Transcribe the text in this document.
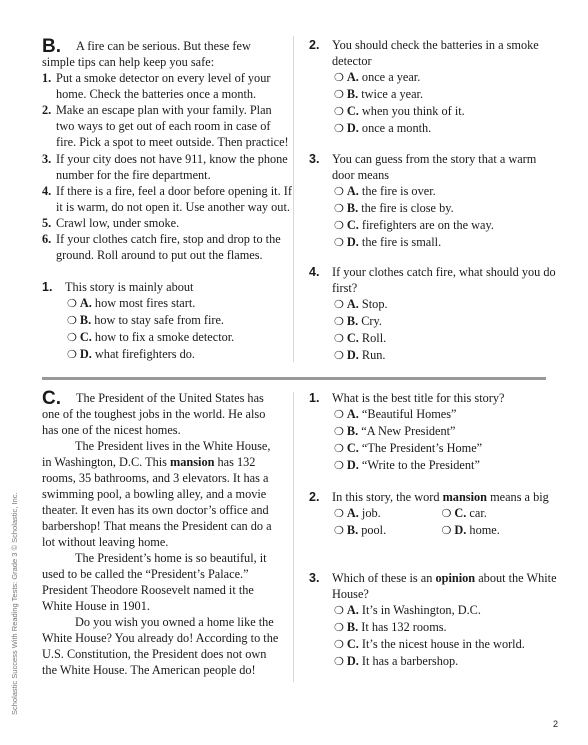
B. A fire can be serious. But these few
simple tips can help keep you safe:
1. Put a smoke detector on every level of your home. Check the batteries once a month.
2. Make an escape plan with your family. Plan two ways to get out of each room in case of fire. Pick a spot to meet outside. Then practice!
3. If your city does not have 911, know the phone number for the fire department.
4. If there is a fire, feel a door before opening it. If it is warm, do not open it. Use another way out.
5. Crawl low, under smoke.
6. If your clothes catch fire, stop and drop to the ground. Roll around to put out the flames.
1.	This story is mainly about
❍ A. how most fires start.
❍ B. how to stay safe from fire.
❍ C. how to fix a smoke detector.
❍ D. what firefighters do.
2.	You should check the batteries in a smoke detector
❍ A. once a year.
❍ B. twice a year.
❍ C. when you think of it.
❍ D. once a month.
3.	You can guess from the story that a warm door means
❍ A. the fire is over.
❍ B. the fire is close by.
❍ C. firefighters are on the way.
❍ D. the fire is small.
4.	If your clothes catch fire, what should you do first?
❍ A. Stop.
❍ B. Cry.
❍ C. Roll.
❍ D. Run.
C. The President of the United States has
one of the toughest jobs in the world. He also has one of the nicest homes.
The President lives in the White House, in Washington, D.C. This mansion has 132 rooms, 35 bathrooms, and 3 elevators. It has a swimming pool, a bowling alley, and a movie theater. It even has its own doctor’s office and barbershop! That means the President can do a lot without leaving home.
The President’s home is so beautiful, it used to be called the “President’s Palace.” President Theodore Roosevelt named it the White House in 1901.
Do you wish you owned a home like the White House? You already do! According to the U.S. Constitution, the President does not own the White House. The American people do!
1.	What is the best title for this story?
❍ A. “Beautiful Homes”
❍ B. “A New President”
❍ C. “The President’s Home”
❍ D. “Write to the President”
2.	In this story, the word mansion means a big
❍ A. job.	❍ C. car.
❍ B. pool.	❍ D. home.
3.	Which of these is an opinion about the White House?
❍ A. It’s in Washington, D.C.
❍ B. It has 132 rooms.
❍ C. It’s the nicest house in the world.
❍ D. It has a barbershop.
Scholastic Success With Reading Tests: Grade 3 © Scholastic, Inc.
2
